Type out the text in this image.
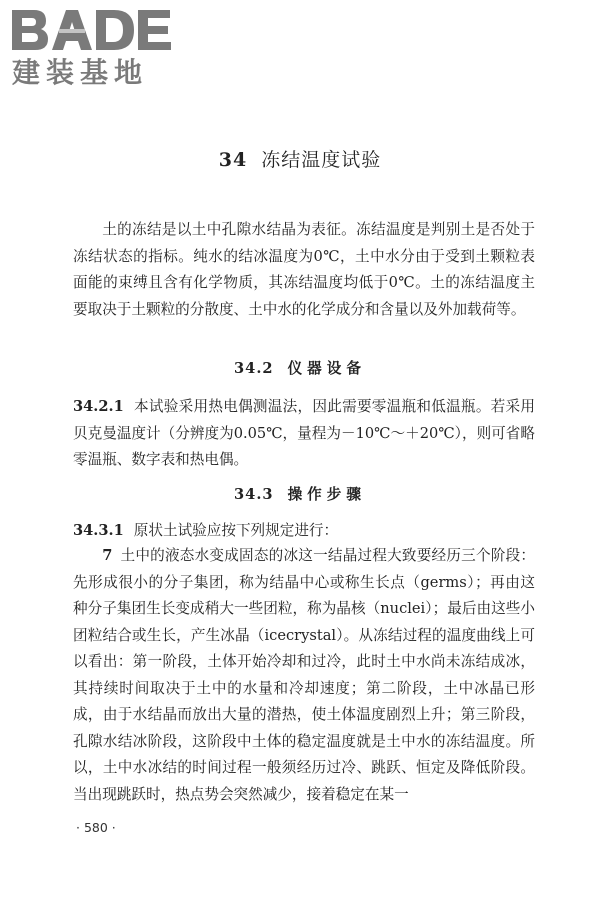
建装基地
34 冻结温度试验

土的冻结是以土中孔隙水结晶为表征。冻结温度是判别土是否处于冻结状态的指标。纯水的结冰温度为0℃，土中水分由于受到土颗粒表面能的束缚且含有化学物质，其冻结温度均低于0℃。土的冻结温度主要取决于土颗粒的分散度、土中水的化学成分和含量以及外加载荷等。

34.2 仪器设备

34.2.1 本试验采用热电偶测温法，因此需要零温瓶和低温瓶。若采用贝克曼温度计（分辨度为0.05℃，量程为－10℃～＋20℃），则可省略零温瓶、数字表和热电偶。

34.3 操作步骤

34.3.1 原状土试验应按下列规定进行：

7 土中的液态水变成固态的冰这一结晶过程大致要经历三个阶段：先形成很小的分子集团，称为结晶中心或称生长点（germs）；再由这种分子集团生长变成稍大一些团粒，称为晶核（nuclei）；最后由这些小团粒结合或生长，产生冰晶（icecrystal）。从冻结过程的温度曲线上可以看出：第一阶段，土体开始冷却和过冷，此时土中水尚未冻结成冰，其持续时间取决于土中的水量和冷却速度；第二阶段，土中冰晶已形成，由于水结晶而放出大量的潜热，使土体温度剧烈上升；第三阶段，孔隙水结冰阶段，这阶段中土体的稳定温度就是土中水的冻结温度。所以，土中水冰结的时间过程一般须经历过冷、跳跃、恒定及降低阶段。当出现跳跃时，热点势会突然减少，接着稳定在某一

· 580 ·
